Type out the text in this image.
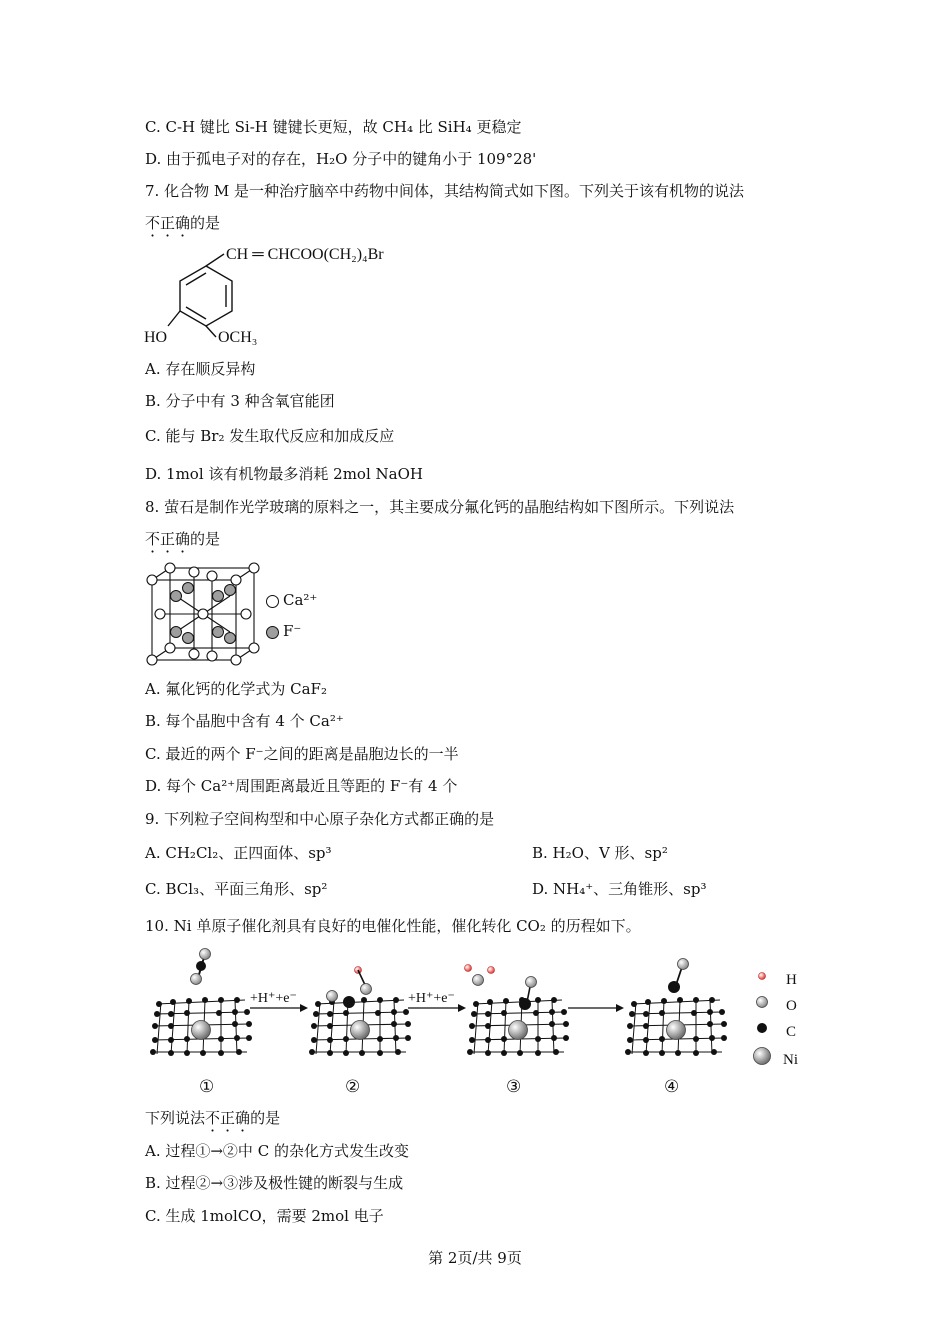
C. C-H 键比 Si-H 键键长更短，故 CH₄ 比 SiH₄ 更稳定
D. 由于孤电子对的存在，H₂O 分子中的键角小于 109°28'
7. 化合物 M 是一种治疗脑卒中药物中间体，其结构简式如下图。下列关于该有机物的说法
不正确的是
CH ═ CHCOO(CH₂)₄Br
HO	OCH₃
A. 存在顺反异构
B. 分子中有 3 种含氧官能团
C. 能与 Br₂ 发生取代反应和加成反应
D. 1mol 该有机物最多消耗 2mol NaOH
8. 萤石是制作光学玻璃的原料之一，其主要成分氟化钙的晶胞结构如下图所示。下列说法
不正确的是
Ca²⁺
F⁻
A. 氟化钙的化学式为 CaF₂
B. 每个晶胞中含有 4 个 Ca²⁺
C. 最近的两个 F⁻之间的距离是晶胞边长的一半
D. 每个 Ca²⁺周围距离最近且等距的 F⁻有 4 个
9. 下列粒子空间构型和中心原子杂化方式都正确的是
A. CH₂Cl₂、正四面体、sp³	B. H₂O、V 形、sp²
C. BCl₃、平面三角形、sp²	D. NH₄⁺、三角锥形、sp³
10. Ni 单原子催化剂具有良好的电催化性能，催化转化 CO₂ 的历程如下。
+H⁺+e⁻	+H⁺+e⁻
①	②	③	④
H
O
C
Ni
下列说法不正确的是
A. 过程①→②中 C 的杂化方式发生改变
B. 过程②→③涉及极性键的断裂与生成
C. 生成 1molCO，需要 2mol 电子
第 2页/共 9页
